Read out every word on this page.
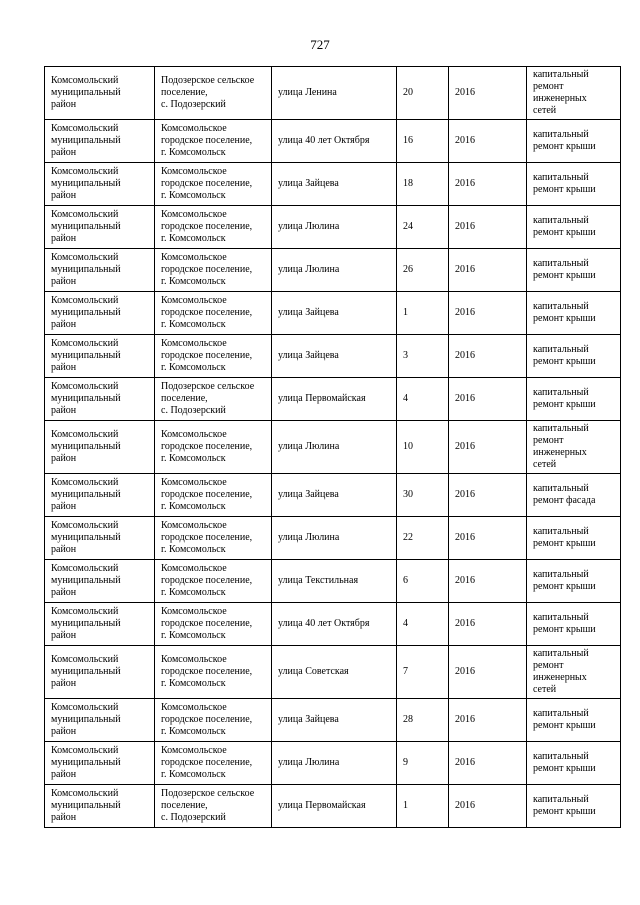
727
Комсомольский
муниципальный
район	Подозерское сельское
поселение,
с. Подозерский	улица Ленина	20	2016	капитальный
ремонт
инженерных
сетей

Комсомольский
муниципальный
район	Комсомольское
городское поселение,
г. Комсомольск	улица 40 лет Октября	16	2016	капитальный
ремонт крыши

Комсомольский
муниципальный
район	Комсомольское
городское поселение,
г. Комсомольск	улица Зайцева	18	2016	капитальный
ремонт крыши

Комсомольский
муниципальный
район	Комсомольское
городское поселение,
г. Комсомольск	улица Люлина	24	2016	капитальный
ремонт крыши

Комсомольский
муниципальный
район	Комсомольское
городское поселение,
г. Комсомольск	улица Люлина	26	2016	капитальный
ремонт крыши

Комсомольский
муниципальный
район	Комсомольское
городское поселение,
г. Комсомольск	улица Зайцева	1	2016	капитальный
ремонт крыши

Комсомольский
муниципальный
район	Комсомольское
городское поселение,
г. Комсомольск	улица Зайцева	3	2016	капитальный
ремонт крыши

Комсомольский
муниципальный
район	Подозерское сельское
поселение,
с. Подозерский	улица Первомайская	4	2016	капитальный
ремонт крыши

Комсомольский
муниципальный
район	Комсомольское
городское поселение,
г. Комсомольск	улица Люлина	10	2016	капитальный
ремонт
инженерных
сетей

Комсомольский
муниципальный
район	Комсомольское
городское поселение,
г. Комсомольск	улица Зайцева	30	2016	капитальный
ремонт фасада

Комсомольский
муниципальный
район	Комсомольское
городское поселение,
г. Комсомольск	улица Люлина	22	2016	капитальный
ремонт крыши

Комсомольский
муниципальный
район	Комсомольское
городское поселение,
г. Комсомольск	улица Текстильная	6	2016	капитальный
ремонт крыши

Комсомольский
муниципальный
район	Комсомольское
городское поселение,
г. Комсомольск	улица 40 лет Октября	4	2016	капитальный
ремонт крыши

Комсомольский
муниципальный
район	Комсомольское
городское поселение,
г. Комсомольск	улица Советская	7	2016	капитальный
ремонт
инженерных
сетей

Комсомольский
муниципальный
район	Комсомольское
городское поселение,
г. Комсомольск	улица Зайцева	28	2016	капитальный
ремонт крыши

Комсомольский
муниципальный
район	Комсомольское
городское поселение,
г. Комсомольск	улица Люлина	9	2016	капитальный
ремонт крыши

Комсомольский
муниципальный
район	Подозерское сельское
поселение,
с. Подозерский	улица Первомайская	1	2016	капитальный
ремонт крыши
